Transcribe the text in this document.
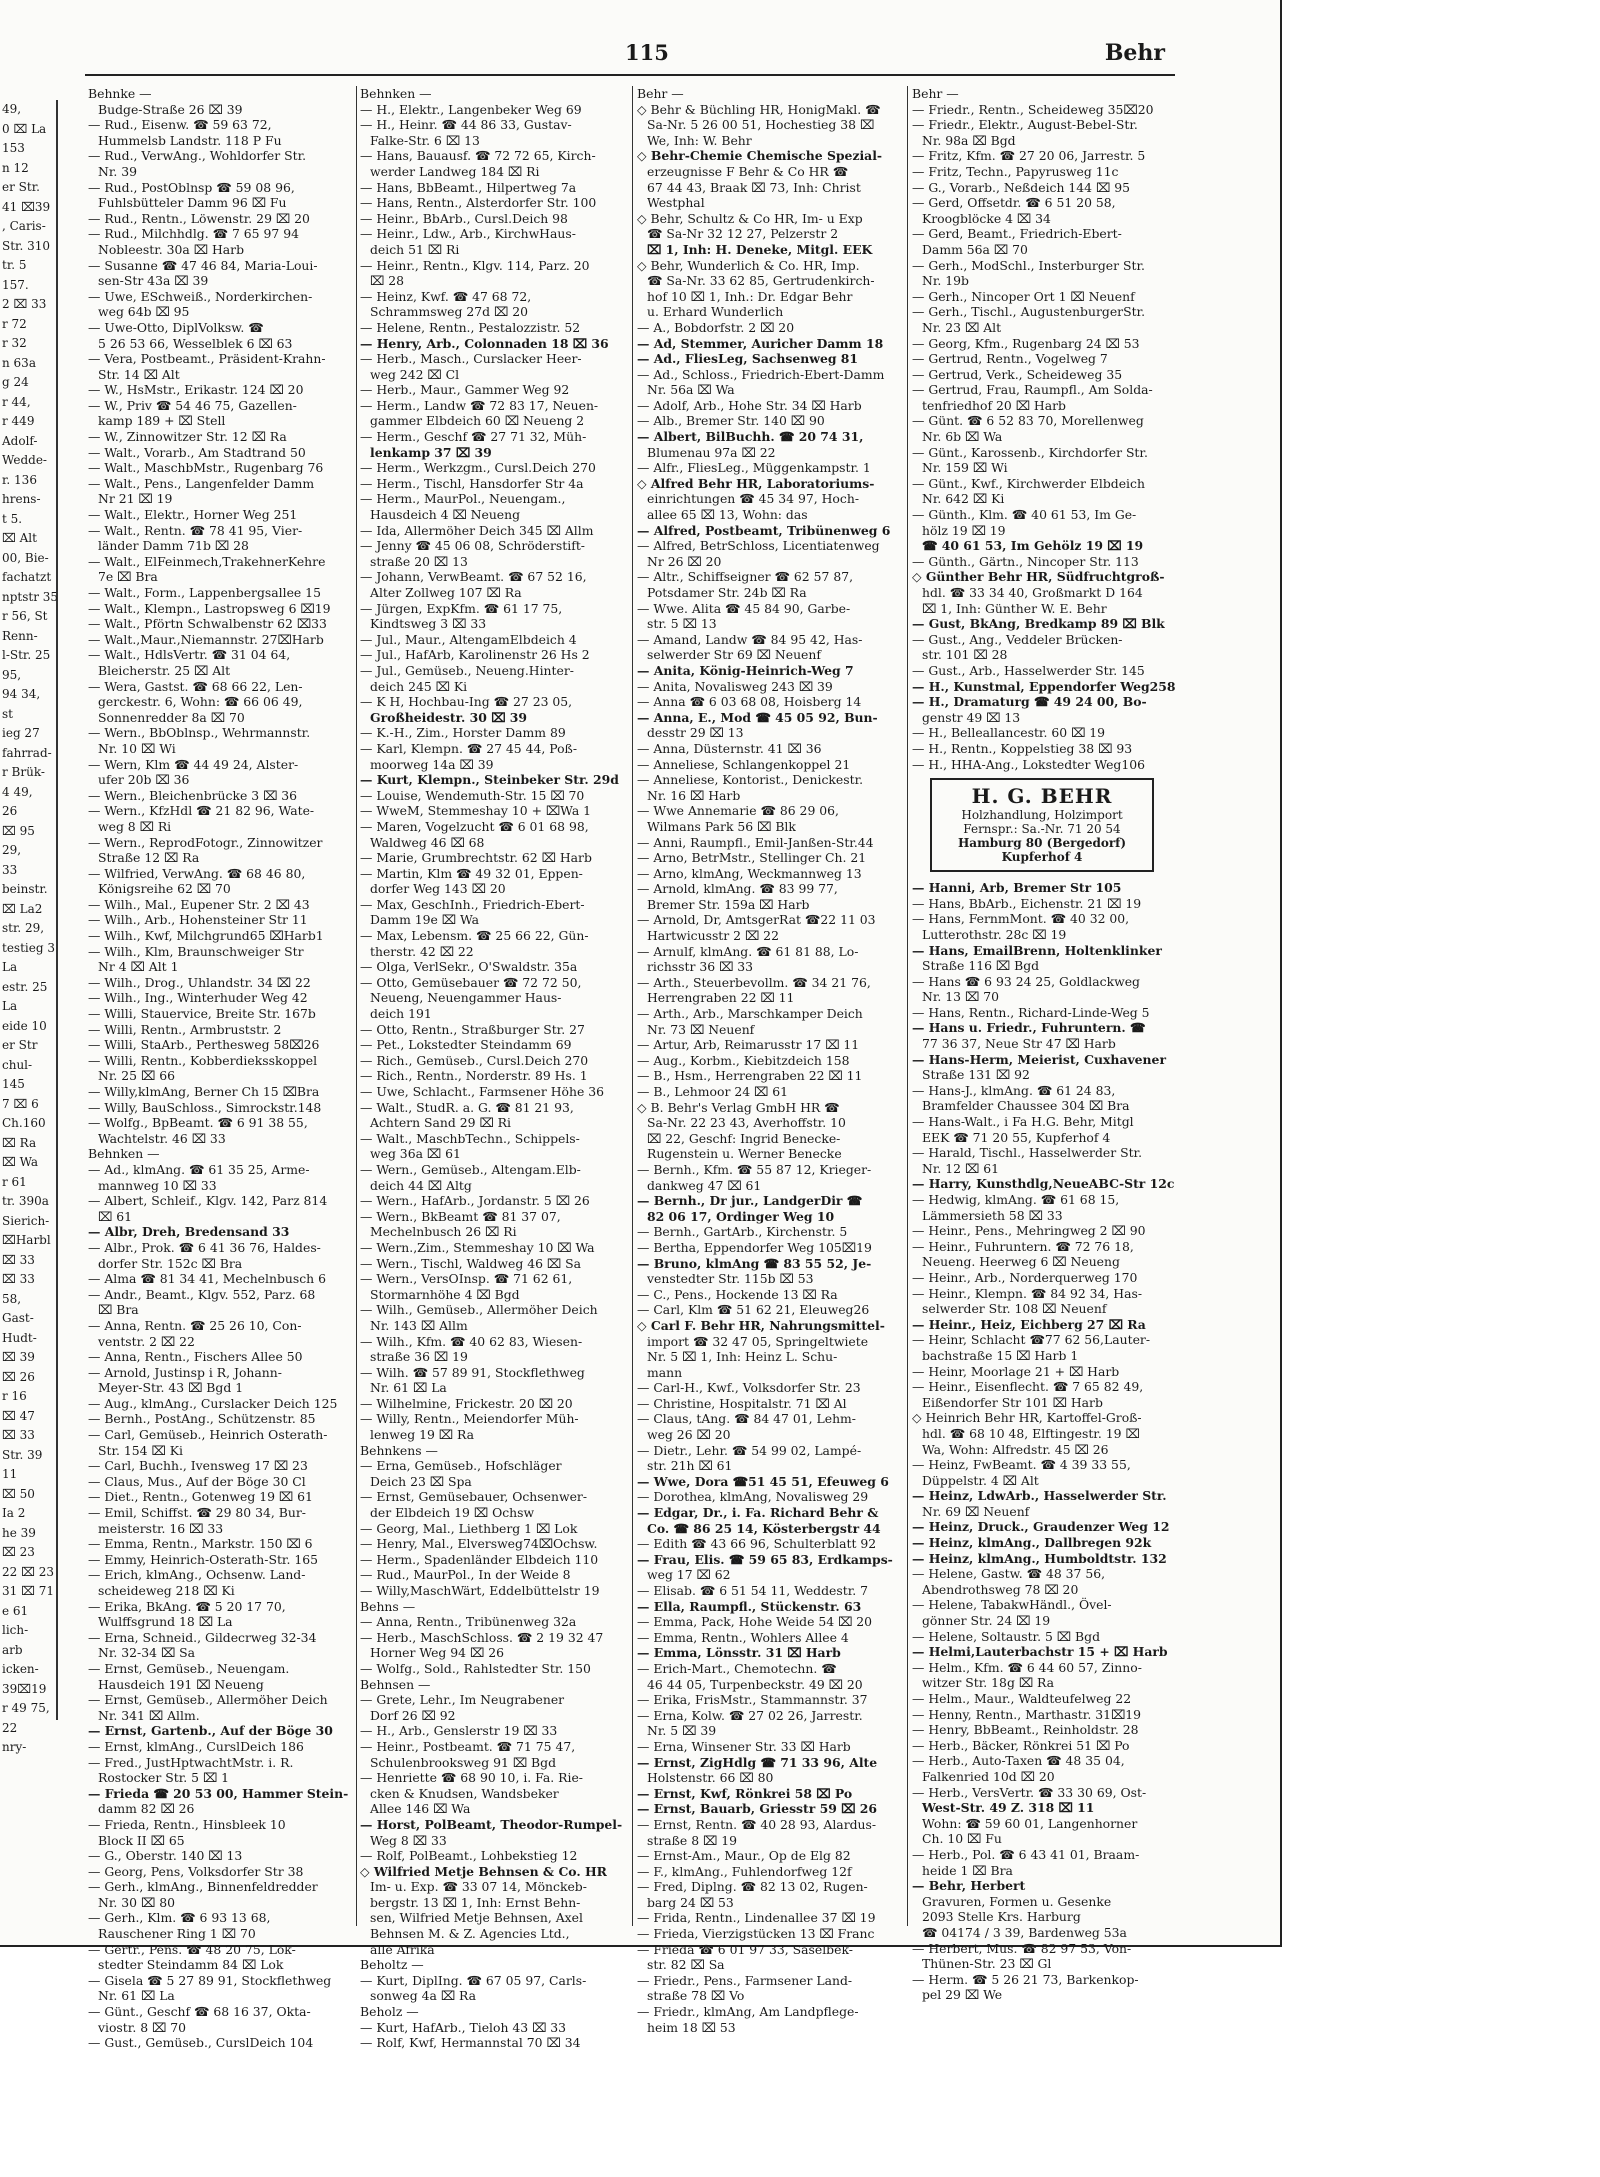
115	Behr
49,
0 ⌧ La
153
n 12
er Str.
41 ⌧39
, Caris-
Str. 310
tr. 5
157.
2 ⌧ 33
r 72
r 32
n 63a
g 24
r 44,
r 449
Adolf-
Wedde-
r. 136
hrens-
t 5.
⌧ Alt
00, Bie-
fachatzt
nptstr 35
r 56, St
Renn-
l-Str. 25
95,
94 34,
st
ieg 27
fahrrad-
r Brük-
4 49,
26
⌧ 95
29,
33
beinstr.
⌧ La2
str. 29,
testieg 3
La
estr. 25
La
eide 10
er Str
chul-
145
7 ⌧ 6
Ch.160
⌧ Ra
⌧ Wa
r 61
tr. 390a
Sierich-
⌧Harbl
⌧ 33
⌧ 33
58,
Gast-
Hudt-
⌧ 39
⌧ 26
r 16
⌧ 47
⌧ 33
Str. 39
11
⌧ 50
Ia 2
he 39
⌧ 23
22 ⌧ 23
31 ⌧ 71
e 61
lich-
arb
icken-
39⌧19
r 49 75,
22
nry-
Behnke —
Budge-Straße 26 ⌧ 39
— Rud., Eisenw. ☎ 59 63 72,
Hummelsb Landstr. 118 P Fu
— Rud., VerwAng., Wohldorfer Str.
Nr. 39
— Rud., PostOblnsp ☎ 59 08 96,
Fuhlsbütteler Damm 96 ⌧ Fu
— Rud., Rentn., Löwenstr. 29 ⌧ 20
— Rud., Milchhdlg. ☎ 7 65 97 94
Nobleestr. 30a ⌧ Harb
— Susanne ☎ 47 46 84, Maria-Loui-
sen-Str 43a ⌧ 39
— Uwe, ESchweiß., Norderkirchen-
weg 64b ⌧ 95
— Uwe-Otto, DiplVolksw. ☎
5 26 53 66, Wesselblek 6 ⌧ 63
— Vera, Postbeamt., Präsident-Krahn-
Str. 14 ⌧ Alt
— W., HsMstr., Erikastr. 124 ⌧ 20
— W., Priv ☎ 54 46 75, Gazellen-
kamp 189 + ⌧ Stell
— W., Zinnowitzer Str. 12 ⌧ Ra
— Walt., Vorarb., Am Stadtrand 50
— Walt., MaschbMstr., Rugenbarg 76
— Walt., Pens., Langenfelder Damm
Nr 21 ⌧ 19
— Walt., Elektr., Horner Weg 251
— Walt., Rentn. ☎ 78 41 95, Vier-
länder Damm 71b ⌧ 28
— Walt., ElFeinmech,TrakehnerKehre
7e ⌧ Bra
— Walt., Form., Lappenbergsallee 15
— Walt., Klempn., Lastropsweg 6 ⌧19
— Walt., Pförtn Schwalbenstr 62 ⌧33
— Walt.,Maur.,Niemannstr. 27⌧Harb
— Walt., HdlsVertr. ☎ 31 04 64,
Bleicherstr. 25 ⌧ Alt
— Wera, Gastst. ☎ 68 66 22, Len-
gerckestr. 6, Wohn: ☎ 66 06 49,
Sonnenredder 8a ⌧ 70
— Wern., BbOblnsp., Wehrmannstr.
Nr. 10 ⌧ Wi
— Wern, Klm ☎ 44 49 24, Alster-
ufer 20b ⌧ 36
— Wern., Bleichenbrücke 3 ⌧ 36
— Wern., KfzHdl ☎ 21 82 96, Wate-
weg 8 ⌧ Ri
— Wern., ReprodFotogr., Zinnowitzer
Straße 12 ⌧ Ra
— Wilfried, VerwAng. ☎ 68 46 80,
Königsreihe 62 ⌧ 70
— Wilh., Mal., Eupener Str. 2 ⌧ 43
— Wilh., Arb., Hohensteiner Str 11
— Wilh., Kwf, Milchgrund65 ⌧Harb1
— Wilh., Klm, Braunschweiger Str
Nr 4 ⌧ Alt 1
— Wilh., Drog., Uhlandstr. 34 ⌧ 22
— Wilh., Ing., Winterhuder Weg 42
— Willi, Stauervice, Breite Str. 167b
— Willi, Rentn., Armbruststr. 2
— Willi, StaArb., Perthesweg 58⌧26
— Willi, Rentn., Kobberdieksskoppel
Nr. 25 ⌧ 66
— Willy,klmAng, Berner Ch 15 ⌧Bra
— Willy, BauSchloss., Simrockstr.148
— Wolfg., BpBeamt. ☎ 6 91 38 55,
Wachtelstr. 46 ⌧ 33
Behnken —
— Ad., klmAng. ☎ 61 35 25, Arme-
mannweg 10 ⌧ 33
— Albert, Schleif., Klgv. 142, Parz 814
⌧ 61
— Albr, Dreh, Bredensand 33
— Albr., Prok. ☎ 6 41 36 76, Haldes-
dorfer Str. 152c ⌧ Bra
— Alma ☎ 81 34 41, Mechelnbusch 6
— Andr., Beamt., Klgv. 552, Parz. 68
⌧ Bra
— Anna, Rentn. ☎ 25 26 10, Con-
ventstr. 2 ⌧ 22
— Anna, Rentn., Fischers Allee 50
— Arnold, Justinsp i R, Johann-
Meyer-Str. 43 ⌧ Bgd 1
— Aug., klmAng., Curslacker Deich 125
— Bernh., PostAng., Schützenstr. 85
— Carl, Gemüseb., Heinrich Osterath-
Str. 154 ⌧ Ki
— Carl, Buchh., Ivensweg 17 ⌧ 23
— Claus, Mus., Auf der Böge 30 Cl
— Diet., Rentn., Gotenweg 19 ⌧ 61
— Emil, Schiffst. ☎ 29 80 34, Bur-
meisterstr. 16 ⌧ 33
— Emma, Rentn., Markstr. 150 ⌧ 6
— Emmy, Heinrich-Osterath-Str. 165
— Erich, klmAng., Ochsenw. Land-
scheideweg 218 ⌧ Ki
— Erika, BkAng. ☎ 5 20 17 70,
Wulffsgrund 18 ⌧ La
— Erna, Schneid., Gildecrweg 32-34
Nr. 32-34 ⌧ Sa
— Ernst, Gemüseb., Neuengam.
Hausdeich 191 ⌧ Neueng
— Ernst, Gemüseb., Allermöher Deich
Nr. 341 ⌧ Allm.
— Ernst, Gartenb., Auf der Böge 30
— Ernst, klmAng., CurslDeich 186
— Fred., JustHptwachtMstr. i. R.
Rostocker Str. 5 ⌧ 1
— Frieda ☎ 20 53 00, Hammer Stein-
damm 82 ⌧ 26
— Frieda, Rentn., Hinsbleek 10
Block II ⌧ 65
— G., Oberstr. 140 ⌧ 13
— Georg, Pens, Volksdorfer Str 38
— Gerh., klmAng., Binnenfeldredder
Nr. 30 ⌧ 80
— Gerh., Klm. ☎ 6 93 13 68,
Rauschener Ring 1 ⌧ 70
— Gertr., Pens. ☎ 48 20 75, Lok-
stedter Steindamm 84 ⌧ Lok
— Gisela ☎ 5 27 89 91, Stockflethweg
Nr. 61 ⌧ La
— Günt., Geschf ☎ 68 16 37, Okta-
viostr. 8 ⌧ 70
— Gust., Gemüseb., CurslDeich 104
Behnken —
— H., Elektr., Langenbeker Weg 69
— H., Heinr. ☎ 44 86 33, Gustav-
Falke-Str. 6 ⌧ 13
— Hans, Bauausf. ☎ 72 72 65, Kirch-
werder Landweg 184 ⌧ Ri
— Hans, BbBeamt., Hilpertweg 7a
— Hans, Rentn., Alsterdorfer Str. 100
— Heinr., BbArb., Cursl.Deich 98
— Heinr., Ldw., Arb., KirchwHaus-
deich 51 ⌧ Ri
— Heinr., Rentn., Klgv. 114, Parz. 20
⌧ 28
— Heinz, Kwf. ☎ 47 68 72,
Schrammsweg 27d ⌧ 20
— Helene, Rentn., Pestalozzistr. 52
— Henry, Arb., Colonnaden 18 ⌧ 36
— Herb., Masch., Curslacker Heer-
weg 242 ⌧ Cl
— Herb., Maur., Gammer Weg 92
— Herm., Landw ☎ 72 83 17, Neuen-
gammer Elbdeich 60 ⌧ Neueng 2
— Herm., Geschf ☎ 27 71 32, Müh-
lenkamp 37 ⌧ 39
— Herm., Werkzgm., Cursl.Deich 270
— Herm., Tischl, Hansdorfer Str 4a
— Herm., MaurPol., Neuengam.,
Hausdeich 4 ⌧ Neueng
— Ida, Allermöher Deich 345 ⌧ Allm
— Jenny ☎ 45 06 08, Schröderstift-
straße 20 ⌧ 13
— Johann, VerwBeamt. ☎ 67 52 16,
Alter Zollweg 107 ⌧ Ra
— Jürgen, ExpKfm. ☎ 61 17 75,
Kindtsweg 3 ⌧ 33
— Jul., Maur., AltengamElbdeich 4
— Jul., HafArb, Karolinenstr 26 Hs 2
— Jul., Gemüseb., Neueng.Hinter-
deich 245 ⌧ Ki
— K H, Hochbau-Ing ☎ 27 23 05,
Großheidestr. 30 ⌧ 39
— K.-H., Zim., Horster Damm 89
— Karl, Klempn. ☎ 27 45 44, Poß-
moorweg 14a ⌧ 39
— Kurt, Klempn., Steinbeker Str. 29d
— Louise, Wendemuth-Str. 15 ⌧ 70
— WweM, Stemmeshay 10 + ⌧Wa 1
— Maren, Vogelzucht ☎ 6 01 68 98,
Waldweg 46 ⌧ 68
— Marie, Grumbrechtstr. 62 ⌧ Harb
— Martin, Klm ☎ 49 32 01, Eppen-
dorfer Weg 143 ⌧ 20
— Max, GeschInh., Friedrich-Ebert-
Damm 19e ⌧ Wa
— Max, Lebensm. ☎ 25 66 22, Gün-
therstr. 42 ⌧ 22
— Olga, VerlSekr., O'Swaldstr. 35a
— Otto, Gemüsebauer ☎ 72 72 50,
Neueng, Neuengammer Haus-
deich 191
— Otto, Rentn., Straßburger Str. 27
— Pet., Lokstedter Steindamm 69
— Rich., Gemüseb., Cursl.Deich 270
— Rich., Rentn., Norderstr. 89 Hs. 1
— Uwe, Schlacht., Farmsener Höhe 36
— Walt., StudR. a. G. ☎ 81 21 93,
Achtern Sand 29 ⌧ Ri
— Walt., MaschbTechn., Schippels-
weg 36a ⌧ 61
— Wern., Gemüseb., Altengam.Elb-
deich 44 ⌧ Altg
— Wern., HafArb., Jordanstr. 5 ⌧ 26
— Wern., BkBeamt ☎ 81 37 07,
Mechelnbusch 26 ⌧ Ri
— Wern.,Zim., Stemmeshay 10 ⌧ Wa
— Wern., Tischl, Waldweg 46 ⌧ Sa
— Wern., VersOInsp. ☎ 71 62 61,
Stormarnhöhe 4 ⌧ Bgd
— Wilh., Gemüseb., Allermöher Deich
Nr. 143 ⌧ Allm
— Wilh., Kfm. ☎ 40 62 83, Wiesen-
straße 36 ⌧ 19
— Wilh. ☎ 57 89 91, Stockflethweg
Nr. 61 ⌧ La
— Wilhelmine, Frickestr. 20 ⌧ 20
— Willy, Rentn., Meiendorfer Müh-
lenweg 19 ⌧ Ra
Behnkens —
— Erna, Gemüseb., Hofschläger
Deich 23 ⌧ Spa
— Ernst, Gemüsebauer, Ochsenwer-
der Elbdeich 19 ⌧ Ochsw
— Georg, Mal., Liethberg 1 ⌧ Lok
— Henry, Mal., Elversweg74⌧Ochsw.
— Herm., Spadenländer Elbdeich 110
— Rud., MaurPol., In der Weide 8
— Willy,MaschWärt, Eddelbüttelstr 19
Behns —
— Anna, Rentn., Tribünenweg 32a
— Herb., MaschSchloss. ☎ 2 19 32 47
Horner Weg 94 ⌧ 26
— Wolfg., Sold., Rahlstedter Str. 150
Behnsen —
— Grete, Lehr., Im Neugrabener
Dorf 26 ⌧ 92
— H., Arb., Genslerstr 19 ⌧ 33
— Heinr., Postbeamt. ☎ 71 75 47,
Schulenbrooksweg 91 ⌧ Bgd
— Henriette ☎ 68 90 10, i. Fa. Rie-
cken & Knudsen, Wandsbeker
Allee 146 ⌧ Wa
— Horst, PolBeamt, Theodor-Rumpel-
Weg 8 ⌧ 33
— Rolf, PolBeamt., Lohbekstieg 12
◇ Wilfried Metje Behnsen & Co. HR
Im- u. Exp. ☎ 33 07 14, Mönckeb-
bergstr. 13 ⌧ 1, Inh: Ernst Behn-
sen, Wilfried Metje Behnsen, Axel
Behnsen M. & Z. Agencies Ltd.,
alle Afrika
Beholtz —
— Kurt, DiplIng. ☎ 67 05 97, Carls-
sonweg 4a ⌧ Ra
Beholz —
— Kurt, HafArb., Tieloh 43 ⌧ 33
— Rolf, Kwf, Hermannstal 70 ⌧ 34
Behr —
◇ Behr & Büchling HR, HonigMakl. ☎
Sa-Nr. 5 26 00 51, Hochestieg 38 ⌧
We, Inh: W. Behr
◇ Behr-Chemie Chemische Spezial-
erzeugnisse F Behr & Co HR ☎
67 44 43, Braak ⌧ 73, Inh: Christ
Westphal
◇ Behr, Schultz & Co HR, Im- u Exp
☎ Sa-Nr 32 12 27, Pelzerstr 2
⌧ 1, Inh: H. Deneke, Mitgl. EEK
◇ Behr, Wunderlich & Co. HR, Imp.
☎ Sa-Nr. 33 62 85, Gertrudenkirch-
hof 10 ⌧ 1, Inh.: Dr. Edgar Behr
u. Erhard Wunderlich
— A., Bobdorfstr. 2 ⌧ 20
— Ad, Stemmer, Auricher Damm 18
— Ad., FliesLeg, Sachsenweg 81
— Ad., Schloss., Friedrich-Ebert-Damm
Nr. 56a ⌧ Wa
— Adolf, Arb., Hohe Str. 34 ⌧ Harb
— Alb., Bremer Str. 140 ⌧ 90
— Albert, BilBuchh. ☎ 20 74 31,
Blumenau 97a ⌧ 22
— Alfr., FliesLeg., Müggenkampstr. 1
◇ Alfred Behr HR, Laboratoriums-
einrichtungen ☎ 45 34 97, Hoch-
allee 65 ⌧ 13, Wohn: das
— Alfred, Postbeamt, Tribünenweg 6
— Alfred, BetrSchloss, Licentiatenweg
Nr 26 ⌧ 20
— Altr., Schiffseigner ☎ 62 57 87,
Potsdamer Str. 24b ⌧ Ra
— Wwe. Alita ☎ 45 84 90, Garbe-
str. 5 ⌧ 13
— Amand, Landw ☎ 84 95 42, Has-
selwerder Str 69 ⌧ Neuenf
— Anita, König-Heinrich-Weg 7
— Anita, Novalisweg 243 ⌧ 39
— Anna ☎ 6 03 68 08, Hoisberg 14
— Anna, E., Mod ☎ 45 05 92, Bun-
desstr 29 ⌧ 13
— Anna, Düsternstr. 41 ⌧ 36
— Anneliese, Schlangenkoppel 21
— Anneliese, Kontorist., Denickestr.
Nr. 16 ⌧ Harb
— Wwe Annemarie ☎ 86 29 06,
Wilmans Park 56 ⌧ Blk
— Anni, Raumpfl., Emil-Janßen-Str.44
— Arno, BetrMstr., Stellinger Ch. 21
— Arno, klmAng, Weckmannweg 13
— Arnold, klmAng. ☎ 83 99 77,
Bremer Str. 159a ⌧ Harb
— Arnold, Dr, AmtsgerRat ☎22 11 03
Hartwicusstr 2 ⌧ 22
— Arnulf, klmAng. ☎ 61 81 88, Lo-
richsstr 36 ⌧ 33
— Arth., Steuerbevollm. ☎ 34 21 76,
Herrengraben 22 ⌧ 11
— Arth., Arb., Marschkamper Deich
Nr. 73 ⌧ Neuenf
— Artur, Arb, Reimarusstr 17 ⌧ 11
— Aug., Korbm., Kiebitzdeich 158
— B., Hsm., Herrengraben 22 ⌧ 11
— B., Lehmoor 24 ⌧ 61
◇ B. Behr's Verlag GmbH HR ☎
Sa-Nr. 22 23 43, Averhoffstr. 10
⌧ 22, Geschf: Ingrid Benecke-
Rugenstein u. Werner Benecke
— Bernh., Kfm. ☎ 55 87 12, Krieger-
dankweg 47 ⌧ 61
— Bernh., Dr jur., LandgerDir ☎
82 06 17, Ordinger Weg 10
— Bernh., GartArb., Kirchenstr. 5
— Bertha, Eppendorfer Weg 105⌧19
— Bruno, klmAng ☎ 83 55 52, Je-
venstedter Str. 115b ⌧ 53
— C., Pens., Hockende 13 ⌧ Ra
— Carl, Klm ☎ 51 62 21, Eleuweg26
◇ Carl F. Behr HR, Nahrungsmittel-
import ☎ 32 47 05, Springeltwiete
Nr. 5 ⌧ 1, Inh: Heinz L. Schu-
mann
— Carl-H., Kwf., Volksdorfer Str. 23
— Christine, Hospitalstr. 71 ⌧ Al
— Claus, tAng. ☎ 84 47 01, Lehm-
weg 26 ⌧ 20
— Dietr., Lehr. ☎ 54 99 02, Lampé-
str. 21h ⌧ 61
— Wwe, Dora ☎51 45 51, Efeuweg 6
— Dorothea, klmAng, Novalisweg 29
— Edgar, Dr., i. Fa. Richard Behr &
Co. ☎ 86 25 14, Kösterbergstr 44
— Edith ☎ 43 66 96, Schulterblatt 92
— Frau, Elis. ☎ 59 65 83, Erdkamps-
weg 17 ⌧ 62
— Elisab. ☎ 6 51 54 11, Weddestr. 7
— Ella, Raumpfl., Stückenstr. 63
— Emma, Pack, Hohe Weide 54 ⌧ 20
— Emma, Rentn., Wohlers Allee 4
— Emma, Lönsstr. 31 ⌧ Harb
— Erich-Mart., Chemotechn. ☎
46 44 05, Turpenbeckstr. 49 ⌧ 20
— Erika, FrisMstr., Stammannstr. 37
— Erna, Kolw. ☎ 27 02 26, Jarrestr.
Nr. 5 ⌧ 39
— Erna, Winsener Str. 33 ⌧ Harb
— Ernst, ZigHdlg ☎ 71 33 96, Alte
Holstenstr. 66 ⌧ 80
— Ernst, Kwf, Rönkrei 58 ⌧ Po
— Ernst, Bauarb, Griesstr 59 ⌧ 26
— Ernst, Rentn. ☎ 40 28 93, Alardus-
straße 8 ⌧ 19
— Ernst-Am., Maur., Op de Elg 82
— F., klmAng., Fuhlendorfweg 12f
— Fred, Diplng. ☎ 82 13 02, Rugen-
barg 24 ⌧ 53
— Frida, Rentn., Lindenallee 37 ⌧ 19
— Frieda, Vierzigstücken 13 ⌧ Franc
— Frieda ☎ 6 01 97 33, Saselbek-
str. 82 ⌧ Sa
— Friedr., Pens., Farmsener Land-
straße 78 ⌧ Vo
— Friedr., klmAng, Am Landpflege-
heim 18 ⌧ 53
Behr —
— Friedr., Rentn., Scheideweg 35⌧20
— Friedr., Elektr., August-Bebel-Str.
Nr. 98a ⌧ Bgd
— Fritz, Kfm. ☎ 27 20 06, Jarrestr. 5
— Fritz, Techn., Papyrusweg 11c
— G., Vorarb., Neßdeich 144 ⌧ 95
— Gerd, Offsetdr. ☎ 6 51 20 58,
Kroogblöcke 4 ⌧ 34
— Gerd, Beamt., Friedrich-Ebert-
Damm 56a ⌧ 70
— Gerh., ModSchl., Insterburger Str.
Nr. 19b
— Gerh., Nincoper Ort 1 ⌧ Neuenf
— Gerh., Tischl., AugustenburgerStr.
Nr. 23 ⌧ Alt
— Georg, Kfm., Rugenbarg 24 ⌧ 53
— Gertrud, Rentn., Vogelweg 7
— Gertrud, Verk., Scheideweg 35
— Gertrud, Frau, Raumpfl., Am Solda-
tenfriedhof 20 ⌧ Harb
— Günt. ☎ 6 52 83 70, Morellenweg
Nr. 6b ⌧ Wa
— Günt., Karossenb., Kirchdorfer Str.
Nr. 159 ⌧ Wi
— Günt., Kwf., Kirchwerder Elbdeich
Nr. 642 ⌧ Ki
— Günth., Klm. ☎ 40 61 53, Im Ge-
hölz 19 ⌧ 19
☎ 40 61 53, Im Gehölz 19 ⌧ 19
— Günth., Gärtn., Nincoper Str. 113
◇ Günther Behr HR, Südfruchtgroß-
hdl. ☎ 33 34 40, Großmarkt D 164
⌧ 1, Inh: Günther W. E. Behr
— Gust, BkAng, Bredkamp 89 ⌧ Blk
— Gust., Ang., Veddeler Brücken-
str. 101 ⌧ 28
— Gust., Arb., Hasselwerder Str. 145
— H., Kunstmal, Eppendorfer Weg258
— H., Dramaturg ☎ 49 24 00, Bo-
genstr 49 ⌧ 13
— H., Belleallancestr. 60 ⌧ 19
— H., Rentn., Koppelstieg 38 ⌧ 93
— H., HHA-Ang., Lokstedter Weg106
H. G. BEHR
Holzhandlung, Holzimport
Fernspr.: Sa.-Nr. 71 20 54
Hamburg 80 (Bergedorf)
Kupferhof 4
— Hanni, Arb, Bremer Str 105
— Hans, BbArb., Eichenstr. 21 ⌧ 19
— Hans, FernmMont. ☎ 40 32 00,
Lutterothstr. 28c ⌧ 19
— Hans, EmailBrenn, Holtenklinker
Straße 116 ⌧ Bgd
— Hans ☎ 6 93 24 25, Goldlackweg
Nr. 13 ⌧ 70
— Hans, Rentn., Richard-Linde-Weg 5
— Hans u. Friedr., Fuhruntern. ☎
77 36 37, Neue Str 47 ⌧ Harb
— Hans-Herm, Meierist, Cuxhavener
Straße 131 ⌧ 92
— Hans-J., klmAng. ☎ 61 24 83,
Bramfelder Chaussee 304 ⌧ Bra
— Hans-Walt., i Fa H.G. Behr, Mitgl
EEK ☎ 71 20 55, Kupferhof 4
— Harald, Tischl., Hasselwerder Str.
Nr. 12 ⌧ 61
— Harry, Kunsthdlg,NeueABC-Str 12c
— Hedwig, klmAng. ☎ 61 68 15,
Lämmersieth 58 ⌧ 33
— Heinr., Pens., Mehringweg 2 ⌧ 90
— Heinr., Fuhruntern. ☎ 72 76 18,
Neueng. Heerweg 6 ⌧ Neueng
— Heinr., Arb., Norderquerweg 170
— Heinr., Klempn. ☎ 84 92 34, Has-
selwerder Str. 108 ⌧ Neuenf
— Heinr., Heiz, Eichberg 27 ⌧ Ra
— Heinr, Schlacht ☎77 62 56,Lauter-
bachstraße 15 ⌧ Harb 1
— Heinr, Moorlage 21 + ⌧ Harb
— Heinr., Eisenflecht. ☎ 7 65 82 49,
Eißendorfer Str 101 ⌧ Harb
◇ Heinrich Behr HR, Kartoffel-Groß-
hdl. ☎ 68 10 48, Elftingestr. 19 ⌧
Wa, Wohn: Alfredstr. 45 ⌧ 26
— Heinz, FwBeamt. ☎ 4 39 33 55,
Düppelstr. 4 ⌧ Alt
— Heinz, LdwArb., Hasselwerder Str.
Nr. 69 ⌧ Neuenf
— Heinz, Druck., Graudenzer Weg 12
— Heinz, klmAng., Dallbregen 92k
— Heinz, klmAng., Humboldtstr. 132
— Helene, Gastw. ☎ 48 37 56,
Abendrothsweg 78 ⌧ 20
— Helene, TabakwHändl., Övel-
gönner Str. 24 ⌧ 19
— Helene, Soltaustr. 5 ⌧ Bgd
— Helmi,Lauterbachstr 15 + ⌧ Harb
— Helm., Kfm. ☎ 6 44 60 57, Zinno-
witzer Str. 18g ⌧ Ra
— Helm., Maur., Waldteufelweg 22
— Henny, Rentn., Marthastr. 31⌧19
— Henry, BbBeamt., Reinholdstr. 28
— Herb., Bäcker, Rönkrei 51 ⌧ Po
— Herb., Auto-Taxen ☎ 48 35 04,
Falkenried 10d ⌧ 20
— Herb., VersVertr. ☎ 33 30 69, Ost-
West-Str. 49 Z. 318 ⌧ 11
Wohn: ☎ 59 60 01, Langenhorner
Ch. 10 ⌧ Fu
— Herb., Pol. ☎ 6 43 41 01, Braam-
heide 1 ⌧ Bra
— Behr, Herbert
Gravuren, Formen u. Gesenke
2093 Stelle Krs. Harburg
☎ 04174 / 3 39, Bardenweg 53a
— Herbert, Mus. ☎ 82 97 53, Von-
Thünen-Str. 23 ⌧ Gl
— Herm. ☎ 5 26 21 73, Barkenkop-
pel 29 ⌧ We
